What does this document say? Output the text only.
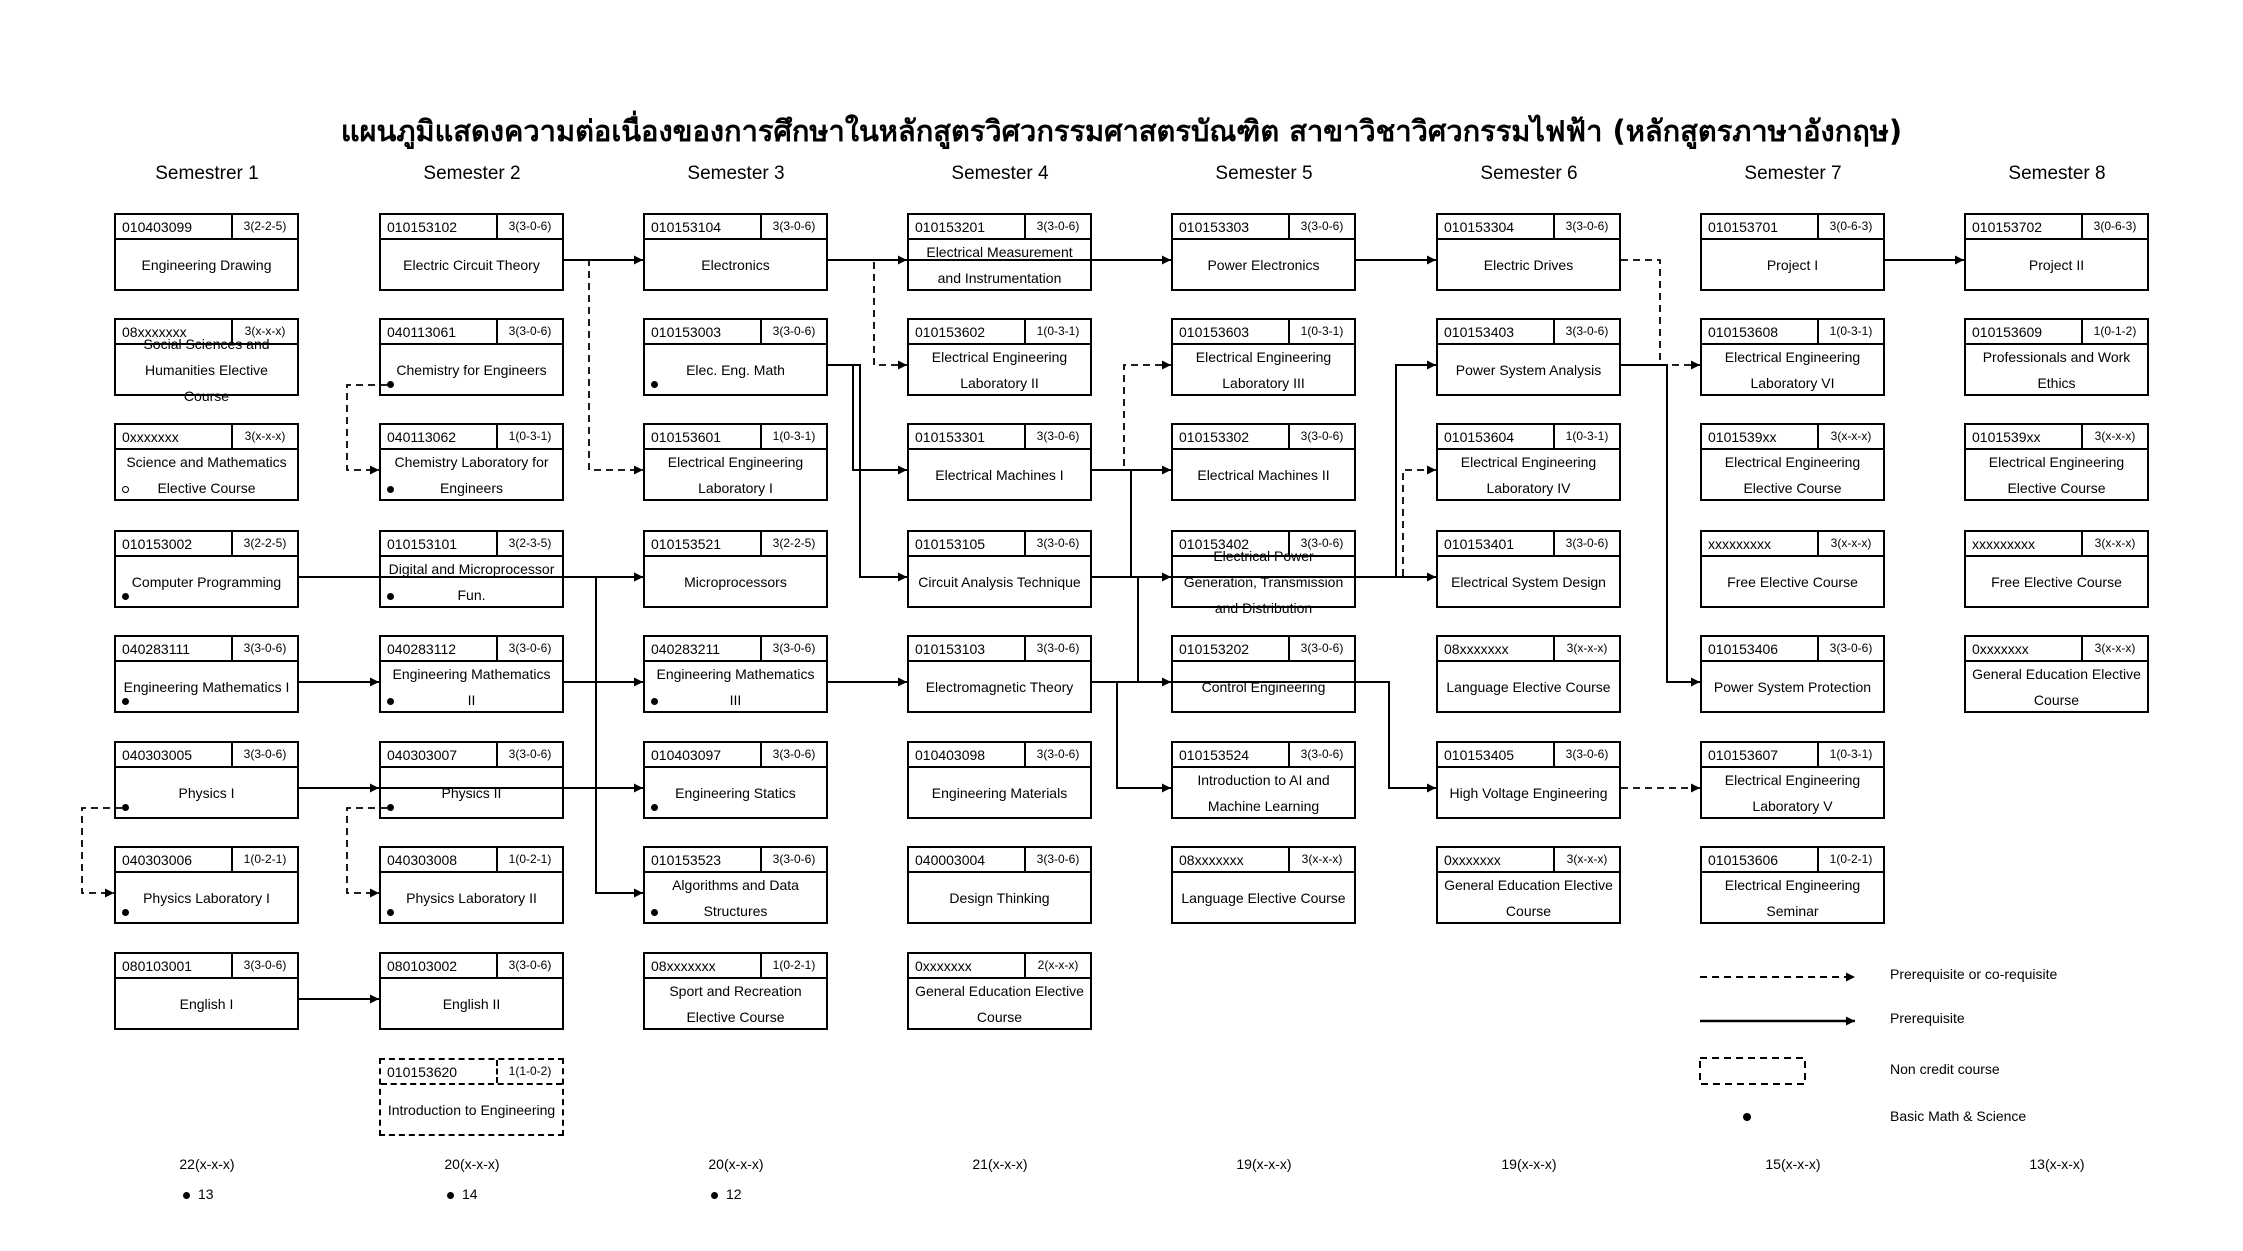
แผนภูมิแสดงความต่อเนื่องของการศึกษาในหลักสูตรวิศวกรรมศาสตรบัณฑิต สาขาวิชาวิศวกรรมไฟฟ้า (หลักสูตรภาษาอังกฤษ)
Semestrer 1	Semester 2	Semester 3	Semester 4	Semester 5	Semester 6	Semester 7	Semester 8
010403099	3(2-2-5)
Engineering Drawing
08xxxxxxx	3(x-x-x)
Social Sciences and Humanities Elective Course
0xxxxxxx	3(x-x-x)
Science and Mathematics Elective Course
010153002	3(2-2-5)
Computer Programming
040283111	3(3-0-6)
Engineering Mathematics I
040303005	3(3-0-6)
Physics I
040303006	1(0-2-1)
Physics Laboratory I
080103001	3(3-0-6)
English I
010153102	3(3-0-6)
Electric Circuit Theory
040113061	3(3-0-6)
Chemistry for Engineers
040113062	1(0-3-1)
Chemistry Laboratory for Engineers
010153101	3(2-3-5)
Digital and Microprocessor Fun.
040283112	3(3-0-6)
Engineering Mathematics II
040303007	3(3-0-6)
Physics II
040303008	1(0-2-1)
Physics Laboratory II
080103002	3(3-0-6)
English II
010153620	1(1-0-2)
Introduction to Engineering
010153104	3(3-0-6)
Electronics
010153003	3(3-0-6)
Elec. Eng. Math
010153601	1(0-3-1)
Electrical Engineering Laboratory I
010153521	3(2-2-5)
Microprocessors
040283211	3(3-0-6)
Engineering Mathematics III
010403097	3(3-0-6)
Engineering Statics
010153523	3(3-0-6)
Algorithms and Data Structures
08xxxxxxx	1(0-2-1)
Sport and Recreation Elective Course
010153201	3(3-0-6)
Electrical Measurement and Instrumentation
010153602	1(0-3-1)
Electrical Engineering Laboratory II
010153301	3(3-0-6)
Electrical Machines I
010153105	3(3-0-6)
Circuit Analysis Technique
010153103	3(3-0-6)
Electromagnetic Theory
010403098	3(3-0-6)
Engineering Materials
040003004	3(3-0-6)
Design Thinking
0xxxxxxx	2(x-x-x)
General Education Elective Course
010153303	3(3-0-6)
Power Electronics
010153603	1(0-3-1)
Electrical Engineering Laboratory III
010153302	3(3-0-6)
Electrical Machines II
010153402	3(3-0-6)
Electrical Power Generation, Transmission and Distribution
010153202	3(3-0-6)
Control Engineering
010153524	3(3-0-6)
Introduction to AI and Machine Learning
08xxxxxxx	3(x-x-x)
Language Elective Course
010153304	3(3-0-6)
Electric Drives
010153403	3(3-0-6)
Power System Analysis
010153604	1(0-3-1)
Electrical Engineering Laboratory IV
010153401	3(3-0-6)
Electrical System Design
08xxxxxxx	3(x-x-x)
Language Elective Course
010153405	3(3-0-6)
High Voltage Engineering
0xxxxxxx	3(x-x-x)
General Education Elective Course
010153701	3(0-6-3)
Project I
010153608	1(0-3-1)
Electrical Engineering Laboratory VI
0101539xx	3(x-x-x)
Electrical Engineering Elective Course
xxxxxxxxx	3(x-x-x)
Free Elective Course
010153406	3(3-0-6)
Power System Protection
010153607	1(0-3-1)
Electrical Engineering Laboratory V
010153606	1(0-2-1)
Electrical Engineering Seminar
010153702	3(0-6-3)
Project II
010153609	1(0-1-2)
Professionals and Work Ethics
0101539xx	3(x-x-x)
Electrical Engineering Elective Course
xxxxxxxxx	3(x-x-x)
Free Elective Course
0xxxxxxx	3(x-x-x)
General Education Elective Course
Prerequisite or co-requisite
Prerequisite
Non credit course
Basic Math & Science
22(x-x-x)	20(x-x-x)	20(x-x-x)	21(x-x-x)	19(x-x-x)	19(x-x-x)	15(x-x-x)	13(x-x-x)
13	14	12
